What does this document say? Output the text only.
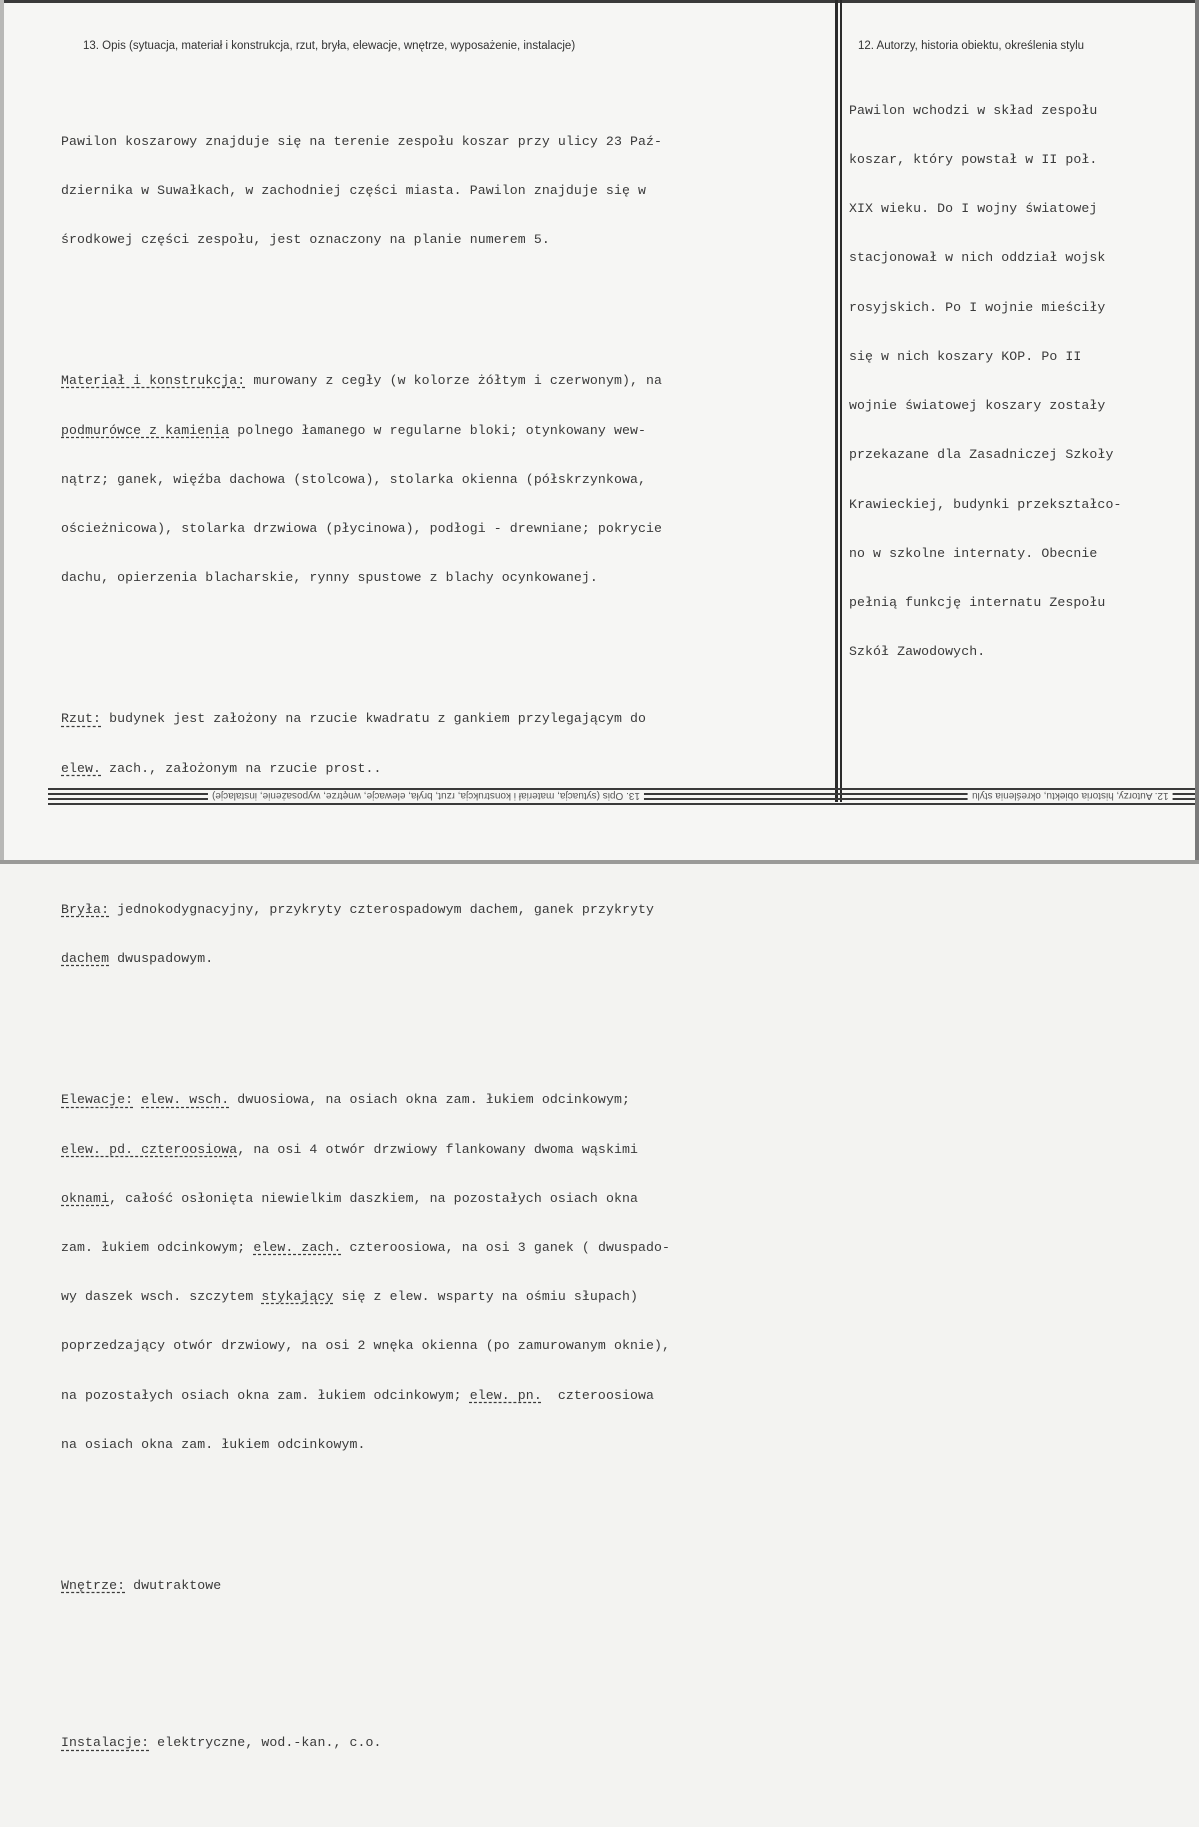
13. Opis (sytuacja, materiał i konstrukcja, rzut, bryła, elewacje, wnętrze, wyposażenie, instalacje)	12. Autorzy, historia obiektu, określenia stylu

Pawilon koszarowy znajduje się na terenie zespołu koszar przy ulicy 23 Paź-

dziernika w Suwałkach, w zachodniej części miasta. Pawilon znajduje się w

środkowej części zespołu, jest oznaczony na planie numerem 5.

Materiał i konstrukcja: murowany z cegły (w kolorze żółtym i czerwonym), na

podmurówce z kamienia polnego łamanego w regularne bloki; otynkowany wew-

nątrz; ganek, więźba dachowa (stolcowa), stolarka okienna (półskrzynkowa,

ościeżnicowa), stolarka drzwiowa (płycinowa), podłogi - drewniane; pokrycie

dachu, opierzenia blacharskie, rynny spustowe z blachy ocynkowanej.

Rzut: budynek jest założony na rzucie kwadratu z gankiem przylegającym do

elew. zach., założonym na rzucie prost..

Bryła: jednokodygnacyjny, przykryty czterospadowym dachem, ganek przykryty

dachem dwuspadowym.

Elewacje: elew. wsch. dwuosiowa, na osiach okna zam. łukiem odcinkowym;

elew. pd. czteroosiowa, na osi 4 otwór drzwiowy flankowany dwoma wąskimi

oknami, całość osłonięta niewielkim daszkiem, na pozostałych osiach okna

zam. łukiem odcinkowym; elew. zach. czteroosiowa, na osi 3 ganek ( dwuspado-

wy daszek wsch. szczytem stykający się z elew. wsparty na ośmiu słupach)

poprzedzający otwór drzwiowy, na osi 2 wnęka okienna (po zamurowanym oknie),

na pozostałych osiach okna zam. łukiem odcinkowym; elew. pn.  czteroosiowa

na osiach okna zam. łukiem odcinkowym.

Wnętrze: dwutraktowe

Instalacje: elektryczne, wod.-kan., c.o.

Pawilon wchodzi w skład zespołu

koszar, który powstał w II poł.

XIX wieku. Do I wojny światowej

stacjonował w nich oddział wojsk

rosyjskich. Po I wojnie mieściły

się w nich koszary KOP. Po II

wojnie światowej koszary zostały

przekazane dla Zasadniczej Szkoły

Krawieckiej, budynki przekształco-

no w szkolne internaty. Obecnie

pełnią funkcję internatu Zespołu

Szkół Zawodowych.

13. Opis (sytuacja, materiał i konstrukcja, rzut, bryła, elewacje, wnętrze, wyposażenie, instalacje)	12. Autorzy, historia obiektu, określenia stylu
